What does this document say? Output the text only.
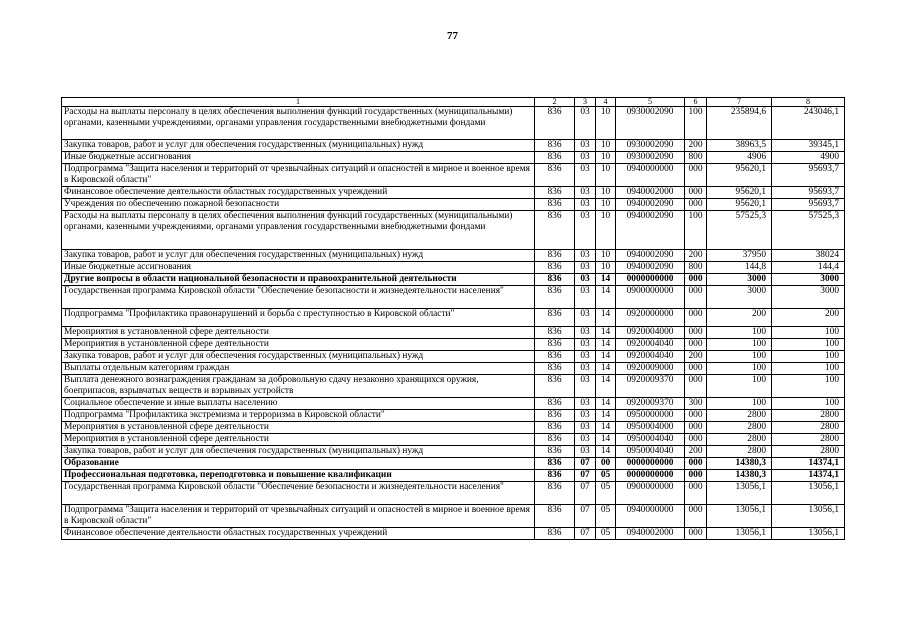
77
1	2	3	4	5	6	7	8
Расходы на выплаты персоналу в целях обеспечения выполнения функций государственных (муниципальными) органами, казенными учреждениями, органами управления государственными внебюджетными фондами	836	03	10	0930002090	100	235894,6	243046,1
Закупка товаров, работ и услуг для обеспечения государственных (муниципальных) нужд	836	03	10	0930002090	200	38963,5	39345,1
Иные бюджетные ассигнования	836	03	10	0930002090	800	4906	4900
Подпрограмма "Защита населения и территорий от чрезвычайных ситуаций и опасностей в мирное и военное время в Кировской области"	836	03	10	0940000000	000	95620,1	95693,7
Финансовое обеспечение деятельности областных государственных учреждений	836	03	10	0940002000	000	95620,1	95693,7
Учреждения по обеспечению пожарной безопасности	836	03	10	0940002090	000	95620,1	95693,7
Расходы на выплаты персоналу в целях обеспечения выполнения функций государственных (муниципальными) органами, казенными учреждениями, органами управления государственными внебюджетными фондами	836	03	10	0940002090	100	57525,3	57525,3
Закупка товаров, работ и услуг для обеспечения государственных (муниципальных) нужд	836	03	10	0940002090	200	37950	38024
Иные бюджетные ассигнования	836	03	10	0940002090	800	144,8	144,4
Другие вопросы в области национальной безопасности и правоохранительной деятельности	836	03	14	0000000000	000	3000	3000
Государственная программа Кировской области "Обеспечение безопасности и жизнедеятельности населения"	836	03	14	0900000000	000	3000	3000
Подпрограмма "Профилактика правонарушений и борьба с преступностью в Кировской области"	836	03	14	0920000000	000	200	200
Мероприятия в установленной сфере деятельности	836	03	14	0920004000	000	100	100
Мероприятия в установленной сфере деятельности	836	03	14	0920004040	000	100	100
Закупка товаров, работ и услуг для обеспечения государственных (муниципальных) нужд	836	03	14	0920004040	200	100	100
Выплаты отдельным категориям граждан	836	03	14	0920009000	000	100	100
Выплата денежного вознаграждения гражданам за добровольную сдачу незаконно хранящихся оружия, боеприпасов, взрывчатых веществ и взрывных устройств	836	03	14	0920009370	000	100	100
Социальное обеспечение и иные выплаты населению	836	03	14	0920009370	300	100	100
Подпрограмма "Профилактика экстремизма и терроризма в Кировской области"	836	03	14	0950000000	000	2800	2800
Мероприятия в установленной сфере деятельности	836	03	14	0950004000	000	2800	2800
Мероприятия в установленной сфере деятельности	836	03	14	0950004040	000	2800	2800
Закупка товаров, работ и услуг для обеспечения государственных (муниципальных) нужд	836	03	14	0950004040	200	2800	2800
Образование	836	07	00	0000000000	000	14380,3	14374,1
Профессиональная подготовка, переподготовка и повышение квалификации	836	07	05	0000000000	000	14380,3	14374,1
Государственная программа Кировской области "Обеспечение безопасности и жизнедеятельности населения"	836	07	05	0900000000	000	13056,1	13056,1
Подпрограмма "Защита населения и территорий от чрезвычайных ситуаций и опасностей в мирное и военное время в Кировской области"	836	07	05	0940000000	000	13056,1	13056,1
Финансовое обеспечение деятельности областных государственных учреждений	836	07	05	0940002000	000	13056,1	13056,1
